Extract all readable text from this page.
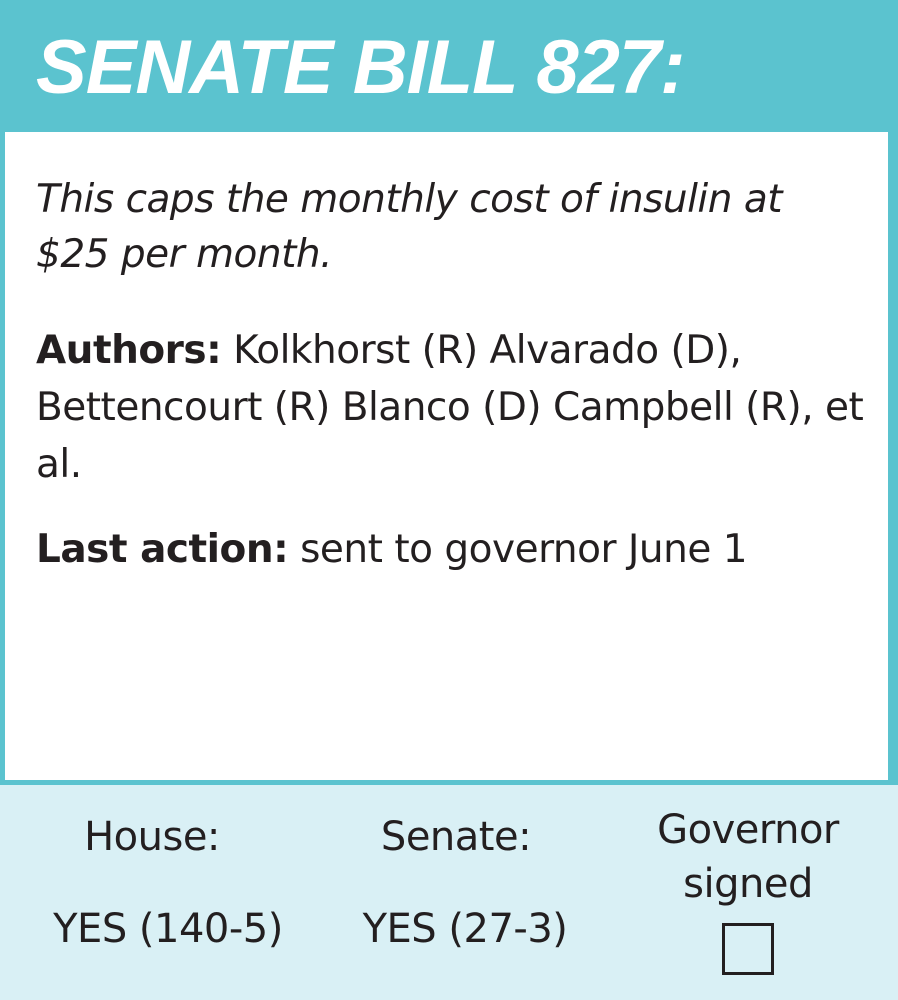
SENATE BILL 827:

This caps the monthly cost of insulin at $25 per month.

Authors: Kolkhorst (R) Alvarado (D), Bettencourt (R) Blanco (D) Campbell (R), et al.

Last action: sent to governor June 1

House:	Senate:	Governor signed
YES (140-5)	YES (27-3)
